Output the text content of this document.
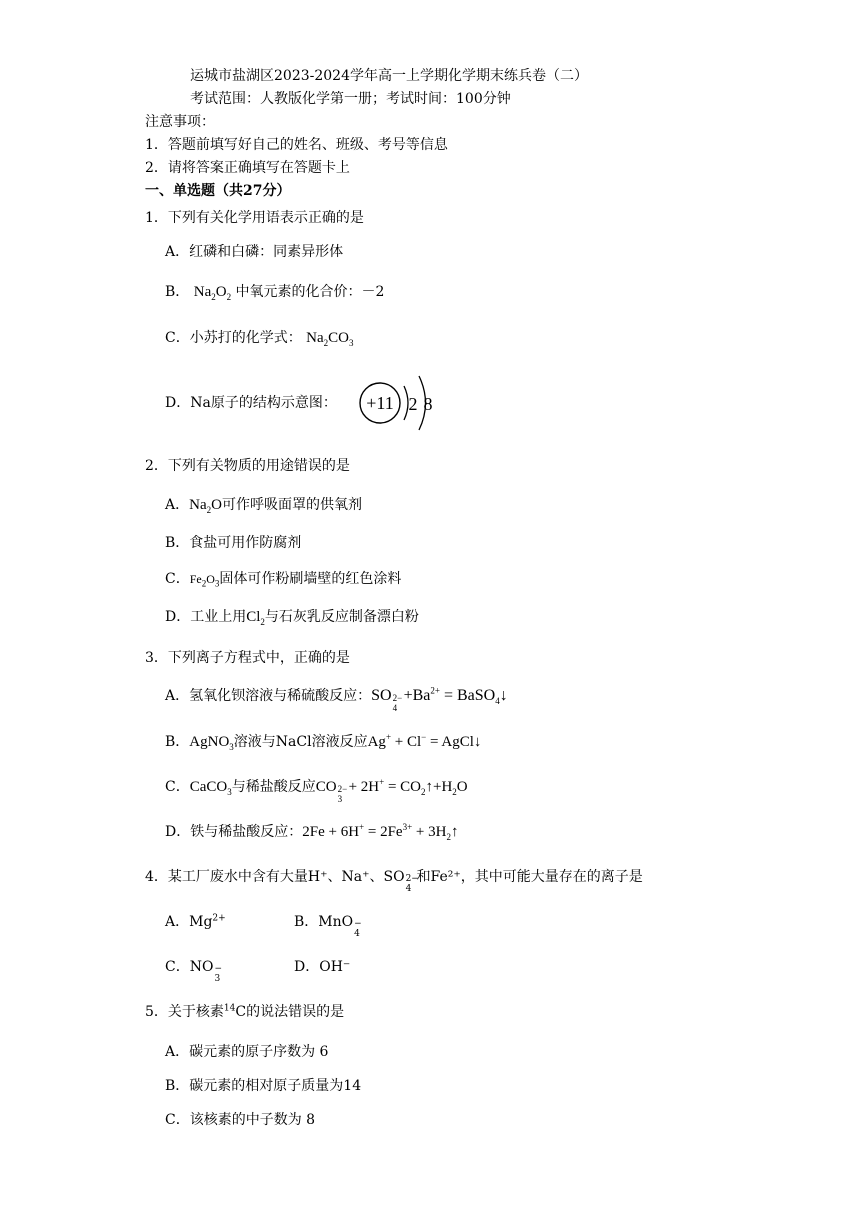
运城市盐湖区2023-2024学年高一上学期化学期末练兵卷（二）
考试范围：人教版化学第一册；考试时间：100分钟
注意事项：
1．答题前填写好自己的姓名、班级、考号等信息
2．请将答案正确填写在答题卡上
一、单选题（共27分）
1．下列有关化学用语表示正确的是
A．红磷和白磷：同素异形体
B． $Na_2O_2$ 中氧元素的化合价：－2
C．小苏打的化学式： $Na_2CO_3$
D．Na原子的结构示意图： +11 2 8
2．下列有关物质的用途错误的是
A．$Na_2O$可作呼吸面罩的供氧剂
B．食盐可用作防腐剂
C．$Fe_2O_3$固体可作粉刷墙壁的红色涂料
D．工业上用$Cl_2$与石灰乳反应制备漂白粉
3．下列离子方程式中，正确的是
A．氢氧化钡溶液与稀硫酸反应：SO 2−
4
$+Ba^{2+}$ = BaSO$_4$↓
B．AgNO$_3$溶液与NaCl溶液反应Ag+ + Cl− = AgCl↓
C．CaCO$_3$与稀盐酸反应CO 2−
3
+ $2H^+ = CO_2↑+H_2O$
D．铁与稀盐酸反应：$2Fe + 6H^+ = 2Fe^{3+}$ + $3H_2↑$
4．某工厂废水中含有大量H⁺、Na⁺、SO 2−
4
和Fe²⁺，其中可能大量存在的离子是
A．$Mg^{2+}$	B．MnO −
4
C．NO −
3
D．OH⁻
5．关于核素$^{14}$C的说法错误的是
A．碳元素的原子序数为 6
B．碳元素的相对原子质量为14
C．该核素的中子数为 8
